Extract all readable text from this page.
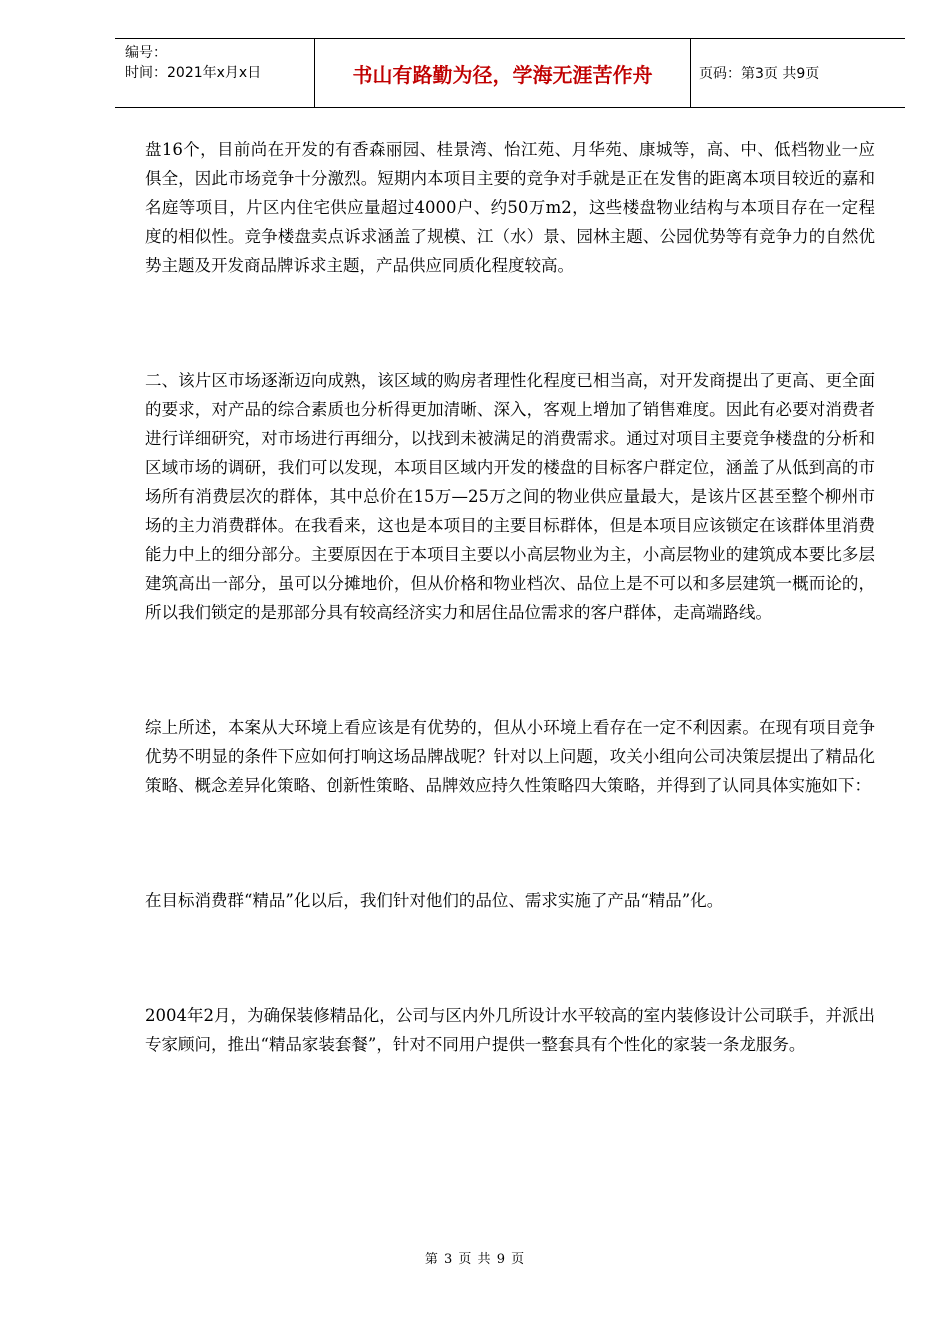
编号：
时间：2021年x月x日	书山有路勤为径，学海无涯苦作舟	页码：第3页 共9页

盘16个，目前尚在开发的有香森丽园、桂景湾、怡江苑、月华苑、康城等，高、中、低档物业一应俱全，因此市场竞争十分激烈。短期内本项目主要的竞争对手就是正在发售的距离本项目较近的嘉和名庭等项目，片区内住宅供应量超过4000户、约50万m2，这些楼盘物业结构与本项目存在一定程度的相似性。竞争楼盘卖点诉求涵盖了规模、江（水）景、园林主题、公园优势等有竞争力的自然优势主题及开发商品牌诉求主题，产品供应同质化程度较高。

二、该片区市场逐渐迈向成熟，该区域的购房者理性化程度已相当高，对开发商提出了更高、更全面的要求，对产品的综合素质也分析得更加清晰、深入，客观上增加了销售难度。因此有必要对消费者进行详细研究，对市场进行再细分，以找到未被满足的消费需求。通过对项目主要竞争楼盘的分析和区域市场的调研，我们可以发现，本项目区域内开发的楼盘的目标客户群定位，涵盖了从低到高的市场所有消费层次的群体，其中总价在15万—25万之间的物业供应量最大，是该片区甚至整个柳州市场的主力消费群体。在我看来，这也是本项目的主要目标群体，但是本项目应该锁定在该群体里消费能力中上的细分部分。主要原因在于本项目主要以小高层物业为主，小高层物业的建筑成本要比多层建筑高出一部分，虽可以分摊地价，但从价格和物业档次、品位上是不可以和多层建筑一概而论的，所以我们锁定的是那部分具有较高经济实力和居住品位需求的客户群体，走高端路线。

综上所述，本案从大环境上看应该是有优势的，但从小环境上看存在一定不利因素。在现有项目竞争优势不明显的条件下应如何打响这场品牌战呢？针对以上问题，攻关小组向公司决策层提出了精品化策略、概念差异化策略、创新性策略、品牌效应持久性策略四大策略，并得到了认同具体实施如下：

在目标消费群“精品”化以后，我们针对他们的品位、需求实施了产品“精品”化。

2004年2月，为确保装修精品化，公司与区内外几所设计水平较高的室内装修设计公司联手，并派出专家顾问，推出“精品家装套餐”，针对不同用户提供一整套具有个性化的家装一条龙服务。

第 3 页 共 9 页
